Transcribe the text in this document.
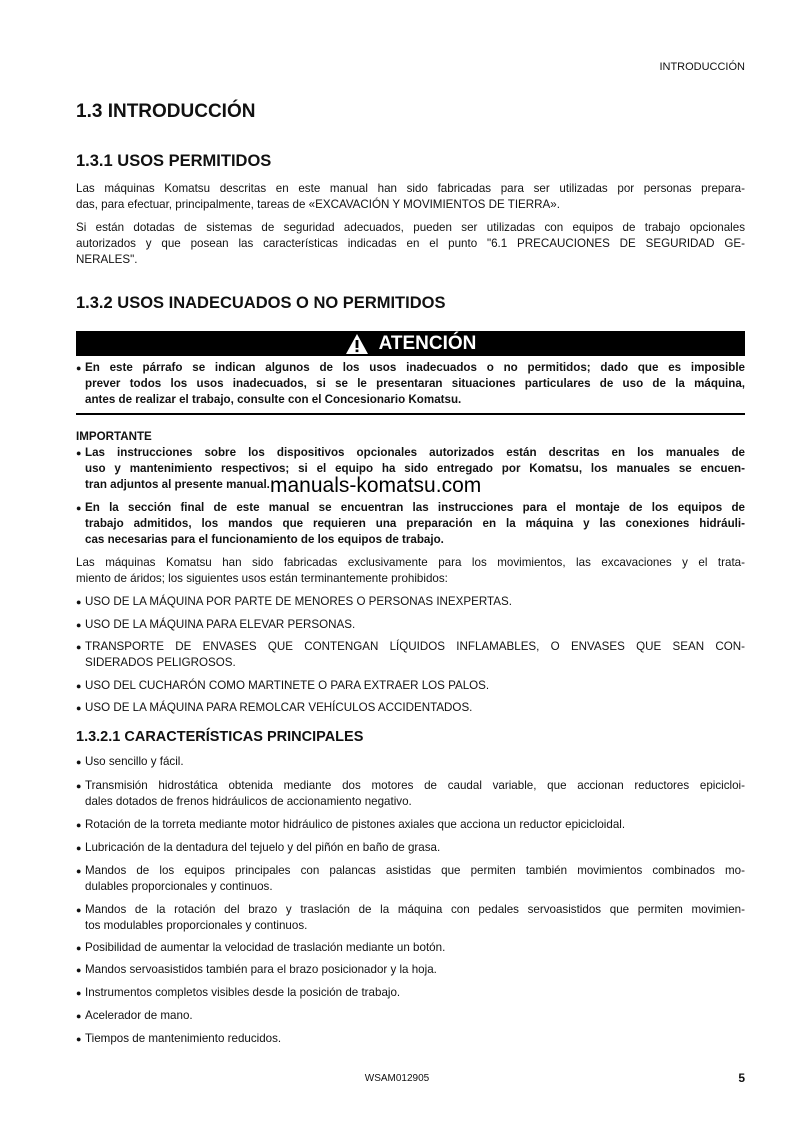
INTRODUCCIÓN
1.3 INTRODUCCIÓN
1.3.1 USOS PERMITIDOS
1.3.2 USOS INADECUADOS O NO PERMITIDOS
ATENCIÓN
IMPORTANTE
1.3.2.1 CARACTERÍSTICAS PRINCIPALES
manuals-komatsu.com
WSAM012905	5
Las máquinas Komatsu descritas en este manual han sido fabricadas para ser utilizadas por personas prepara-
das, para efectuar, principalmente, tareas de «EXCAVACIÓN Y MOVIMIENTOS DE TIERRA».
Si están dotadas de sistemas de seguridad adecuados, pueden ser utilizadas con equipos de trabajo opcionales
autorizados y que posean las características indicadas en el punto "6.1 PRECAUCIONES DE SEGURIDAD GE-
NERALES".
● En este párrafo se indican algunos de los usos inadecuados o no permitidos; dado que es imposible
prever todos los usos inadecuados, si se le presentaran situaciones particulares de uso de la máquina,
antes de realizar el trabajo, consulte con el Concesionario Komatsu.
● Las instrucciones sobre los dispositivos opcionales autorizados están descritas en los manuales de
uso y mantenimiento respectivos; si el equipo ha sido entregado por Komatsu, los manuales se encuen-
tran adjuntos al presente manual.
● En la sección final de este manual se encuentran las instrucciones para el montaje de los equipos de
trabajo admitidos, los mandos que requieren una preparación en la máquina y las conexiones hidráuli-
cas necesarias para el funcionamiento de los equipos de trabajo.
Las máquinas Komatsu han sido fabricadas exclusivamente para los movimientos, las excavaciones y el trata-
miento de áridos; los siguientes usos están terminantemente prohibidos:
● USO DE LA MÁQUINA POR PARTE DE MENORES O PERSONAS INEXPERTAS.
● USO DE LA MÁQUINA PARA ELEVAR PERSONAS.
● TRANSPORTE DE ENVASES QUE CONTENGAN LÍQUIDOS INFLAMABLES, O ENVASES QUE SEAN CON-
SIDERADOS PELIGROSOS.
● USO DEL CUCHARÓN COMO MARTINETE O PARA EXTRAER LOS PALOS.
● USO DE LA MÁQUINA PARA REMOLCAR VEHÍCULOS ACCIDENTADOS.
● Uso sencillo y fácil.
● Transmisión hidrostática obtenida mediante dos motores de caudal variable, que accionan reductores epicicloi-
dales dotados de frenos hidráulicos de accionamiento negativo.
● Rotación de la torreta mediante motor hidráulico de pistones axiales que acciona un reductor epicicloidal.
● Lubricación de la dentadura del tejuelo y del piñón en baño de grasa.
● Mandos de los equipos principales con palancas asistidas que permiten también movimientos combinados mo-
dulables proporcionales y continuos.
● Mandos de la rotación del brazo y traslación de la máquina con pedales servoasistidos que permiten movimien-
tos modulables proporcionales y continuos.
● Posibilidad de aumentar la velocidad de traslación mediante un botón.
● Mandos servoasistidos también para el brazo posicionador y la hoja.
● Instrumentos completos visibles desde la posición de trabajo.
● Acelerador de mano.
● Tiempos de mantenimiento reducidos.
